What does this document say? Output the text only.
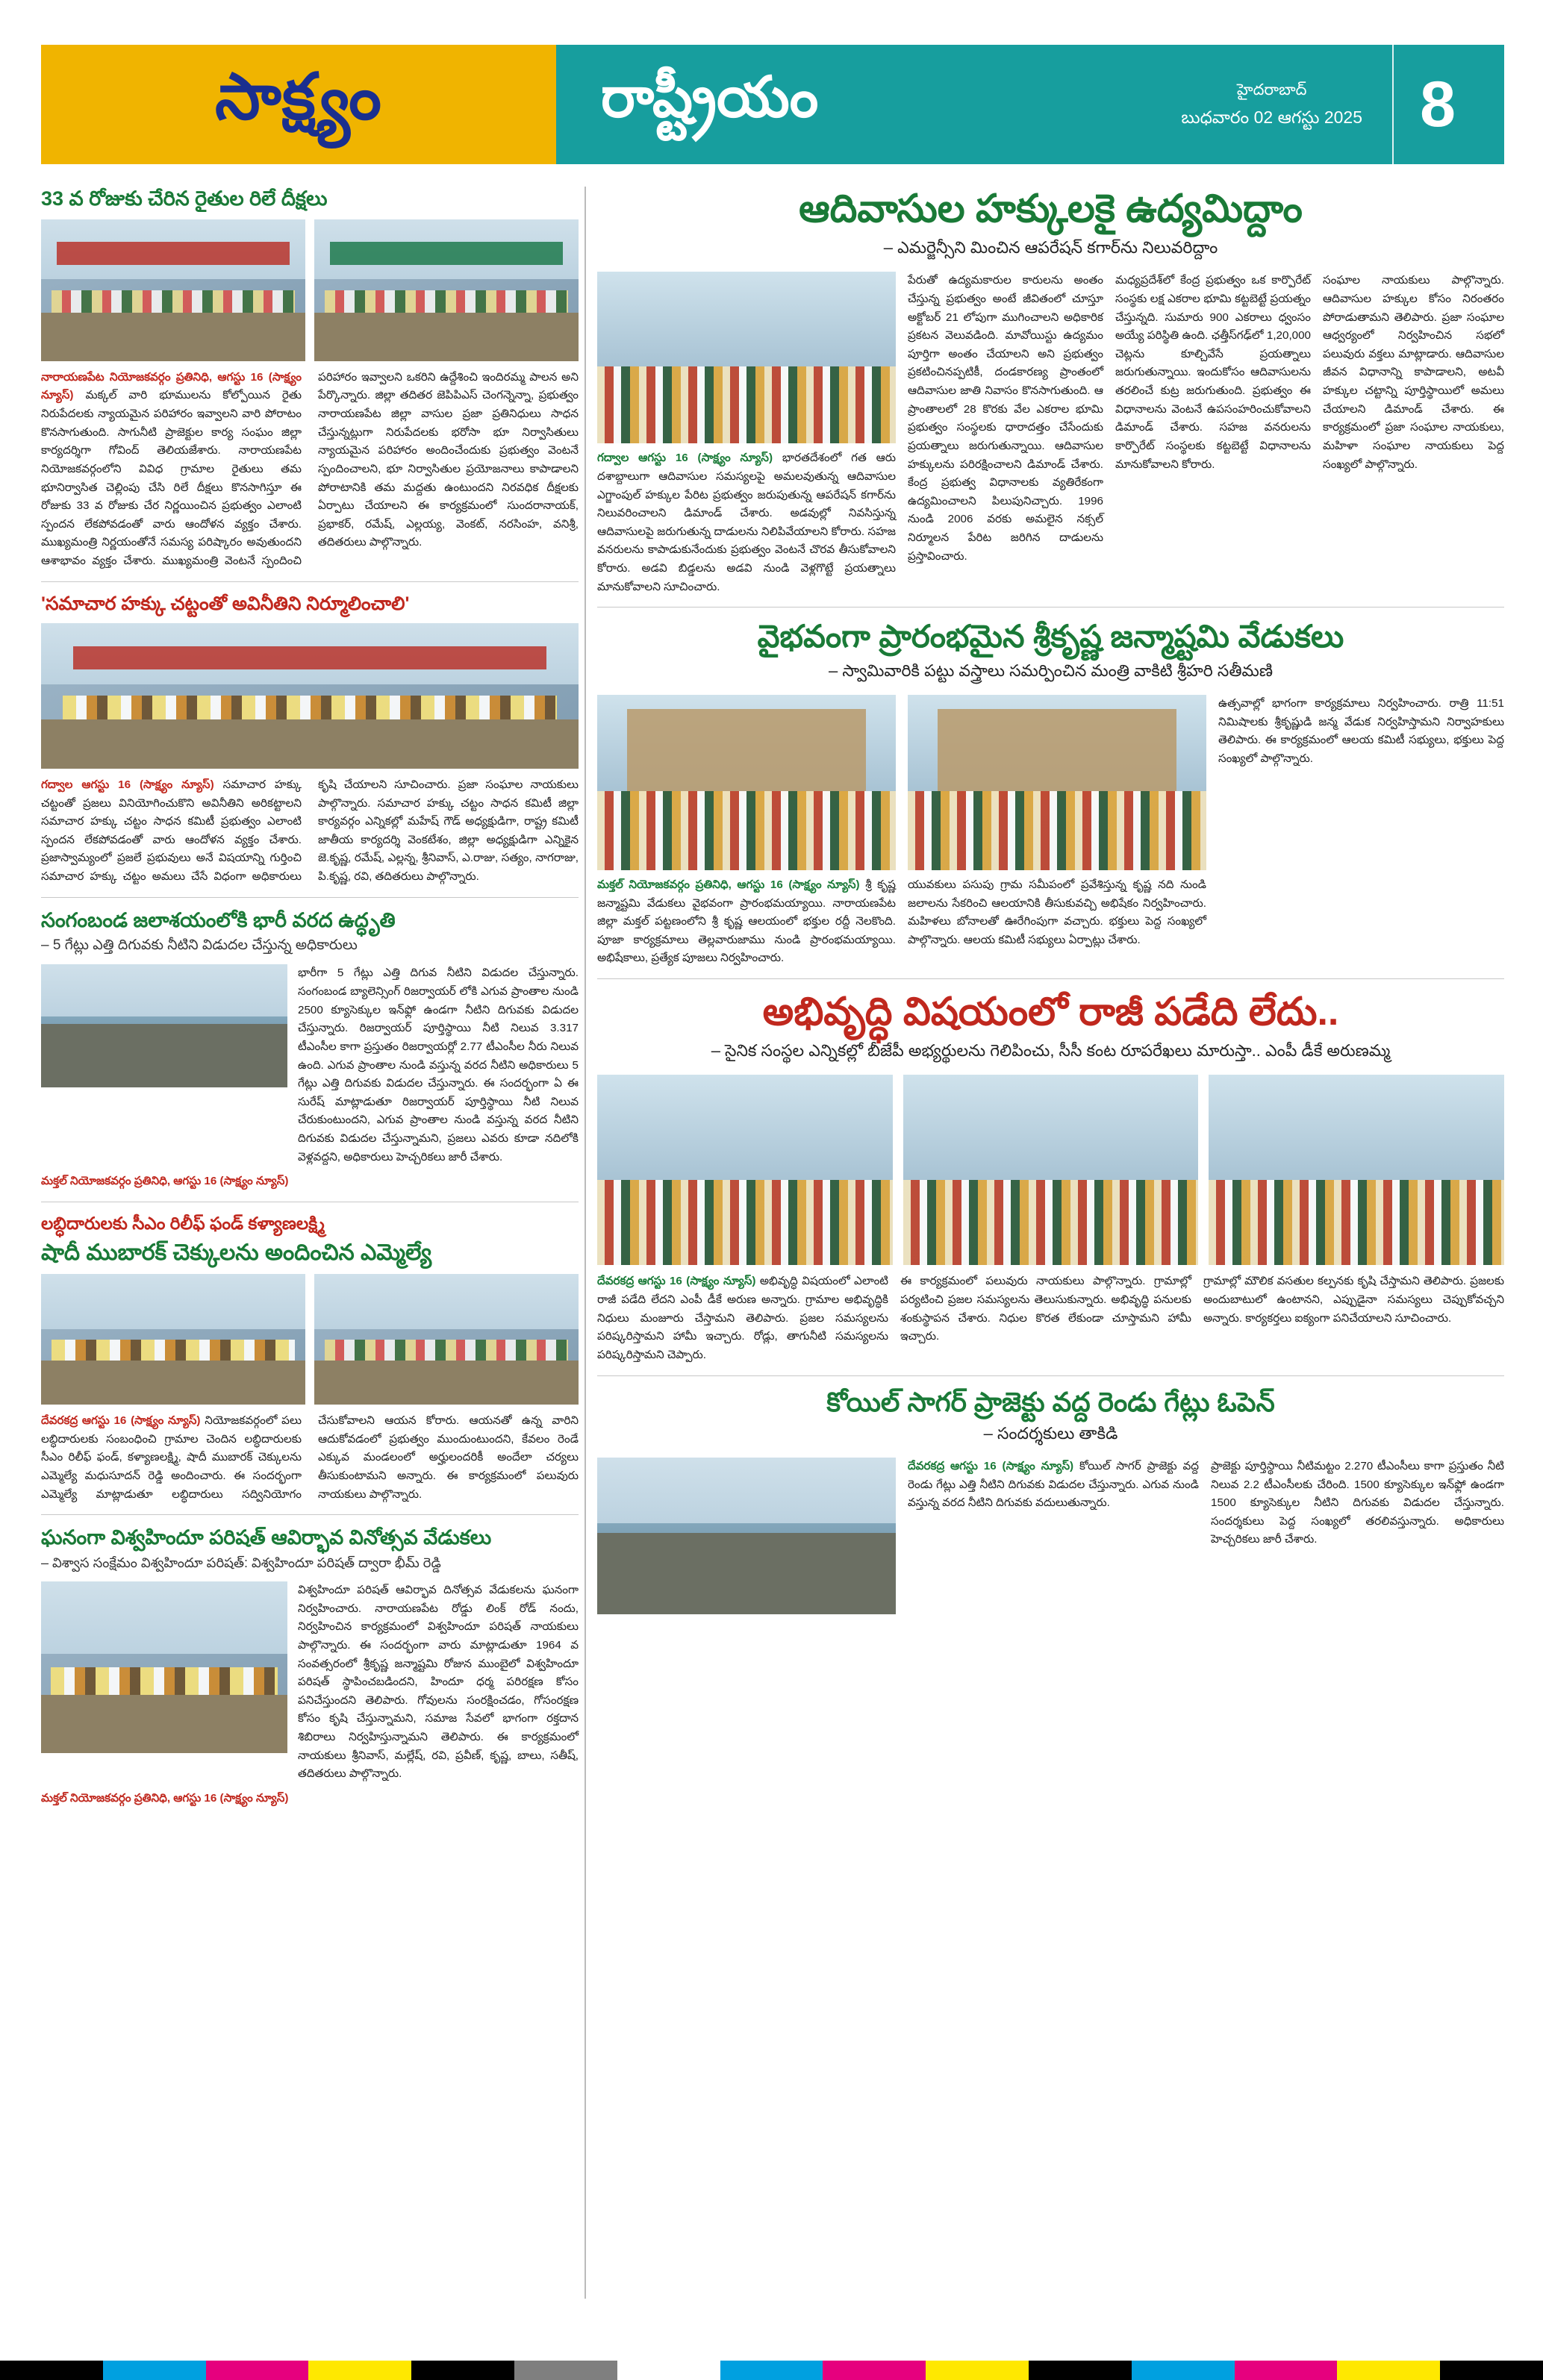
సాక్ష్యం	రాష్ట్రీయం	హైదరాబాద్
బుధవారం 02 ఆగస్టు 2025 8
33 వ రోజుకు చేరిన రైతుల రిలే దీక్షలు
నారాయణపేట నియోజకవర్గం ప్రతినిధి, ఆగస్టు 16 (సాక్ష్యం న్యూస్) మక్కల్ వారి భూములను కోల్పోయిన రైతు నిరుపేదలకు న్యాయమైన పరిహారం ఇవ్వాలని వారి పోరాటం కొనసాగుతుంది. సాగునీటి ప్రాజెక్టుల కార్య సంఘం జిల్లా కార్యదర్శిగా గోవింద్ తెలియజేశారు. నారాయణపేట నియోజకవర్గంలోని వివిధ గ్రామాల రైతులు తమ భూనిర్వాసిత చెల్లింపు చేసి రిలే దీక్షలు కొనసాగిస్తూ ఈ రోజుకు 33 వ రోజుకు చేర నిర్ణయించిన ప్రభుత్వం ఎలాంటి స్పందన లేకపోవడంతో వారు ఆందోళన వ్యక్తం చేశారు. ముఖ్యమంత్రి నిర్ణయంతోనే సమస్య పరిష్కారం అవుతుందని ఆశాభావం వ్యక్తం చేశారు. ముఖ్యమంత్రి వెంటనే స్పందించి పరిహారం ఇవ్వాలని ఒకరిని ఉద్దేశించి ఇందిరమ్మ పాలన అని పేర్కొన్నారు. జిల్లా తదితర జెపిపిఎస్ చెంగన్నెన్నా, ప్రభుత్వం నారాయణపేట జిల్లా వాసుల ప్రజా ప్రతినిధులు సాధన చేస్తున్నట్లుగా నిరుపేదలకు భరోసా భూ నిర్వాసితులు న్యాయమైన పరిహారం అందించేందుకు ప్రభుత్వం వెంటనే స్పందించాలని, భూ నిర్వాసితుల ప్రయోజనాలు కాపాడాలని పోరాటానికి తమ మద్దతు ఉంటుందని నిరవధిక దీక్షలకు ఏర్పాటు చేయాలని ఈ కార్యక్రమంలో సుందరానాయక్, ప్రభాకర్, రమేష్, ఎల్లయ్య, వెంకట్, నరసింహ, వనిశ్రీ, తదితరులు పాల్గొన్నారు.
'సమాచార హక్కు చట్టంతో అవినీతిని నిర్మూలించాలి'
గద్వాల ఆగస్టు 16 (సాక్ష్యం న్యూస్) సమాచార హక్కు చట్టంతో ప్రజలు వినియోగించుకొని అవినీతిని అరికట్టాలని సమాచార హక్కు చట్టం సాధన కమిటీ ప్రభుత్వం ఎలాంటి స్పందన లేకపోవడంతో వారు ఆందోళన వ్యక్తం చేశారు. ప్రజాస్వామ్యంలో ప్రజలే ప్రభువులు అనే విషయాన్ని గుర్తించి సమాచార హక్కు చట్టం అమలు చేసే విధంగా అధికారులు కృషి చేయాలని సూచించారు. ప్రజా సంఘాల నాయకులు పాల్గొన్నారు. సమాచార హక్కు చట్టం సాధన కమిటీ జిల్లా కార్యవర్గం ఎన్నికల్లో మహేష్ గౌడ్ అధ్యక్షుడిగా, రాష్ట్ర కమిటీ జాతీయ కార్యదర్శి వెంకటేశం, జిల్లా అధ్యక్షుడిగా ఎన్నికైన జె.కృష్ణ, రమేష్, ఎల్లన్న, శ్రీనివాస్, ఎ.రాజు, సత్యం, నాగరాజు, పి.కృష్ణ, రవి, తదితరులు పాల్గొన్నారు.
సంగంబండ జలాశయంలోకి భారీ వరద ఉద్ధృతి
– 5 గేట్లు ఎత్తి దిగువకు నీటిని విడుదల చేస్తున్న అధికారులు
భారీగా 5 గేట్లు ఎత్తి దిగువ నీటిని విడుదల చేస్తున్నారు. సంగంబండ బ్యాలెన్సింగ్ రిజర్వాయర్ లోకి ఎగువ ప్రాంతాల నుండి 2500 క్యూసెక్కుల ఇన్‌ఫ్లో ఉండగా నీటిని దిగువకు విడుదల చేస్తున్నారు. రిజర్వాయర్ పూర్తిస్థాయి నీటి నిలువ 3.317 టీఎంసీల కాగా ప్రస్తుతం రిజర్వాయర్లో 2.77 టీఎంసీల నీరు నిలువ ఉంది. ఎగువ ప్రాంతాల నుండి వస్తున్న వరద నీటిని అధికారులు 5 గేట్లు ఎత్తి దిగువకు విడుదల చేస్తున్నారు. ఈ సందర్భంగా ఏ ఈ సురేష్ మాట్లాడుతూ రిజర్వాయర్ పూర్తిస్థాయి నీటి నిలువ చేరుకుంటుందని, ఎగువ ప్రాంతాల నుండి వస్తున్న వరద నీటిని దిగువకు విడుదల చేస్తున్నామని, ప్రజలు ఎవరు కూడా నదిలోకి వెళ్లవద్దని, అధికారులు హెచ్చరికలు జారీ చేశారు.
మక్తల్ నియోజకవర్గం ప్రతినిధి, ఆగస్టు 16 (సాక్ష్యం న్యూస్)
లబ్ధిదారులకు సీఎం రిలీఫ్ ఫండ్ కళ్యాణలక్ష్మి
షాదీ ముబారక్ చెక్కులను అందించిన ఎమ్మెల్యే
దేవరకద్ర ఆగస్టు 16 (సాక్ష్యం న్యూస్) నియోజకవర్గంలో పలు లబ్ధిదారులకు సంబంధించి గ్రామాల చెందిన లబ్ధిదారులకు సీఎం రిలీఫ్ ఫండ్, కళ్యాణలక్ష్మి, షాదీ ముబారక్ చెక్కులను ఎమ్మెల్యే మధుసూదన్ రెడ్డి అందించారు. ఈ సందర్భంగా ఎమ్మెల్యే మాట్లాడుతూ లబ్ధిదారులు సద్వినియోగం చేసుకోవాలని ఆయన కోరారు. ఆయనతో ఉన్న వారిని ఆదుకోవడంలో ప్రభుత్వం ముందుంటుందని, కేవలం రెండే ఎక్కువ మండలంలో అర్హులందరికీ అందేలా చర్యలు తీసుకుంటామని అన్నారు. ఈ కార్యక్రమంలో పలువురు నాయకులు పాల్గొన్నారు.
ఘనంగా విశ్వహిందూ పరిషత్ ఆవిర్భావ వినోత్సవ వేడుకలు
– విశ్వాస సంక్షేమం విశ్వహిందూ పరిషత్: విశ్వహిందూ పరిషత్ ద్వారా భీమ్ రెడ్డి
విశ్వహిందూ పరిషత్ ఆవిర్భావ దినోత్సవ వేడుకలను ఘనంగా నిర్వహించారు. నారాయణపేట రోడ్డు లింక్ రోడ్ నందు, నిర్వహించిన కార్యక్రమంలో విశ్వహిందూ పరిషత్ నాయకులు పాల్గొన్నారు. ఈ సందర్భంగా వారు మాట్లాడుతూ 1964 వ సంవత్సరంలో శ్రీకృష్ణ జన్మాష్టమి రోజున ముంబైలో విశ్వహిందూ పరిషత్ స్థాపించబడిందని, హిందూ ధర్మ పరిరక్షణ కోసం పనిచేస్తుందని తెలిపారు. గోవులను సంరక్షించడం, గోసంరక్షణ కోసం కృషి చేస్తున్నామని, సమాజ సేవలో భాగంగా రక్తదాన శిబిరాలు నిర్వహిస్తున్నామని తెలిపారు. ఈ కార్యక్రమంలో నాయకులు శ్రీనివాస్, మల్లేష్, రవి, ప్రవీణ్, కృష్ణ, బాలు, సతీష్, తదితరులు పాల్గొన్నారు.
మక్తల్ నియోజకవర్గం ప్రతినిధి, ఆగస్టు 16 (సాక్ష్యం న్యూస్)
ఆదివాసుల హక్కులకై ఉద్యమిద్దాం
– ఎమర్జెన్సీని మించిన ఆపరేషన్ కగార్‌ను నిలువరిద్దాం
గద్వాల ఆగస్టు 16 (సాక్ష్యం న్యూస్) భారతదేశంలో గత ఆరు దశాబ్దాలుగా ఆదివాసుల సమస్యలపై అమలవుతున్న ఆదివాసుల ఎగ్జాంపుల్ హక్కుల పేరిట ప్రభుత్వం జరుపుతున్న ఆపరేషన్ కగార్‌ను నిలువరించాలని డిమాండ్ చేశారు. అడవుల్లో నివసిస్తున్న ఆదివాసులపై జరుగుతున్న దాడులను నిలిపివేయాలని కోరారు. సహజ వనరులను కాపాడుకునేందుకు ప్రభుత్వం వెంటనే చొరవ తీసుకోవాలని కోరారు. అడవి బిడ్డలను అడవి నుండి వెళ్లగొట్టే ప్రయత్నాలు మానుకోవాలని సూచించారు.
పేరుతో ఉద్యమకారుల కారులను అంతం చేస్తున్న ప్రభుత్వం అంటే జీవితంలో చూస్తూ అక్టోబర్ 21 లోపుగా ముగించాలని అధికారిక ప్రకటన వెలువడింది. మావోయిస్టు ఉద్యమం పూర్తిగా అంతం చేయాలని అని ప్రభుత్వం ప్రకటించినప్పటికీ, దండకారణ్య ప్రాంతంలో ఆదివాసుల జాతి నివాసం కొనసాగుతుంది. ఆ ప్రాంతాలలో 28 కొరకు వేల ఎకరాల భూమి ప్రభుత్వం సంస్థలకు ధారాదత్తం చేసేందుకు ప్రయత్నాలు జరుగుతున్నాయి. ఆదివాసుల హక్కులను పరిరక్షించాలని డిమాండ్ చేశారు. కేంద్ర ప్రభుత్వ విధానాలకు వ్యతిరేకంగా ఉద్యమించాలని పిలుపునిచ్చారు. 1996 నుండి 2006 వరకు అమలైన నక్సల్ నిర్మూలన పేరిట జరిగిన దాడులను ప్రస్తావించారు.
మధ్యప్రదేశ్‌లో కేంద్ర ప్రభుత్వం ఒక కార్పొరేట్ సంస్థకు లక్ష ఎకరాల భూమి కట్టబెట్టే ప్రయత్నం చేస్తున్నది. సుమారు 900 ఎకరాలు ధ్వంసం అయ్యే పరిస్థితి ఉంది. ఛత్తీస్‌గఢ్‌లో 1,20,000 చెట్లను కూల్చివేసే ప్రయత్నాలు జరుగుతున్నాయి. ఇందుకోసం ఆదివాసులను తరలించే కుట్ర జరుగుతుంది. ప్రభుత్వం ఈ విధానాలను వెంటనే ఉపసంహరించుకోవాలని డిమాండ్ చేశారు. సహజ వనరులను కార్పొరేట్ సంస్థలకు కట్టబెట్టే విధానాలను మానుకోవాలని కోరారు.
సంఘాల నాయకులు పాల్గొన్నారు. ఆదివాసుల హక్కుల కోసం నిరంతరం పోరాడుతామని తెలిపారు. ప్రజా సంఘాల ఆధ్వర్యంలో నిర్వహించిన సభలో పలువురు వక్తలు మాట్లాడారు. ఆదివాసుల జీవన విధానాన్ని కాపాడాలని, అటవీ హక్కుల చట్టాన్ని పూర్తిస్థాయిలో అమలు చేయాలని డిమాండ్ చేశారు. ఈ కార్యక్రమంలో ప్రజా సంఘాల నాయకులు, మహిళా సంఘాల నాయకులు పెద్ద సంఖ్యలో పాల్గొన్నారు.
వైభవంగా ప్రారంభమైన శ్రీకృష్ణ జన్మాష్టమి వేడుకలు
– స్వామివారికి పట్టు వస్త్రాలు సమర్పించిన మంత్రి వాకిటి శ్రీహరి సతీమణి
మక్తల్ నియోజకవర్గం ప్రతినిధి, ఆగస్టు 16 (సాక్ష్యం న్యూస్) శ్రీ కృష్ణ జన్మాష్టమి వేడుకలు వైభవంగా ప్రారంభమయ్యాయి. నారాయణపేట జిల్లా మక్తల్ పట్టణంలోని శ్రీ కృష్ణ ఆలయంలో భక్తుల రద్దీ నెలకొంది. పూజా కార్యక్రమాలు తెల్లవారుజాము నుండి ప్రారంభమయ్యాయి. అభిషేకాలు, ప్రత్యేక పూజలు నిర్వహించారు.
యువకులు పసుపు గ్రామ సమీపంలో ప్రవేశిస్తున్న కృష్ణ నది నుండి జలాలను సేకరించి ఆలయానికి తీసుకువచ్చి అభిషేకం నిర్వహించారు. మహిళలు బోనాలతో ఊరేగింపుగా వచ్చారు. భక్తులు పెద్ద సంఖ్యలో పాల్గొన్నారు. ఆలయ కమిటీ సభ్యులు ఏర్పాట్లు చేశారు.
ఉత్సవాల్లో భాగంగా కార్యక్రమాలు నిర్వహించారు. రాత్రి 11:51 నిమిషాలకు శ్రీకృష్ణుడి జన్మ వేడుక నిర్వహిస్తామని నిర్వాహకులు తెలిపారు. ఈ కార్యక్రమంలో ఆలయ కమిటీ సభ్యులు, భక్తులు పెద్ద సంఖ్యలో పాల్గొన్నారు.
అభివృద్ధి విషయంలో రాజీ పడేది లేదు..
– సైనిక సంస్థల ఎన్నికల్లో బీజేపీ అభ్యర్థులను గెలిపించు, సీసీ కంట రూపరేఖలు మారుస్తా.. ఎంపీ డీకే అరుణమ్మ
దేవరకద్ర ఆగస్టు 16 (సాక్ష్యం న్యూస్) అభివృద్ధి విషయంలో ఎలాంటి రాజీ పడేది లేదని ఎంపీ డీకే అరుణ అన్నారు. గ్రామాల అభివృద్ధికి నిధులు మంజూరు చేస్తామని తెలిపారు. ప్రజల సమస్యలను పరిష్కరిస్తామని హామీ ఇచ్చారు. రోడ్లు, తాగునీటి సమస్యలను పరిష్కరిస్తామని చెప్పారు.
ఈ కార్యక్రమంలో పలువురు నాయకులు పాల్గొన్నారు. గ్రామాల్లో పర్యటించి ప్రజల సమస్యలను తెలుసుకున్నారు. అభివృద్ధి పనులకు శంకుస్థాపన చేశారు. నిధుల కొరత లేకుండా చూస్తామని హామీ ఇచ్చారు.
గ్రామాల్లో మౌలిక వసతుల కల్పనకు కృషి చేస్తామని తెలిపారు. ప్రజలకు అందుబాటులో ఉంటానని, ఎప్పుడైనా సమస్యలు చెప్పుకోవచ్చని అన్నారు. కార్యకర్తలు ఐక్యంగా పనిచేయాలని సూచించారు.
కోయిల్ సాగర్ ప్రాజెక్టు వద్ద రెండు గేట్లు ఓపెన్
– సందర్శకులు తాకిడి
దేవరకద్ర ఆగస్టు 16 (సాక్ష్యం న్యూస్) కోయిల్ సాగర్ ప్రాజెక్టు వద్ద రెండు గేట్లు ఎత్తి నీటిని దిగువకు విడుదల చేస్తున్నారు. ఎగువ నుండి వస్తున్న వరద నీటిని దిగువకు వదులుతున్నారు.
ప్రాజెక్టు పూర్తిస్థాయి నీటిమట్టం 2.270 టీఎంసీలు కాగా ప్రస్తుతం నీటి నిలువ 2.2 టీఎంసీలకు చేరింది. 1500 క్యూసెక్కుల ఇన్‌ఫ్లో ఉండగా 1500 క్యూసెక్కుల నీటిని దిగువకు విడుదల చేస్తున్నారు. సందర్శకులు పెద్ద సంఖ్యలో తరలివస్తున్నారు. అధికారులు హెచ్చరికలు జారీ చేశారు.
